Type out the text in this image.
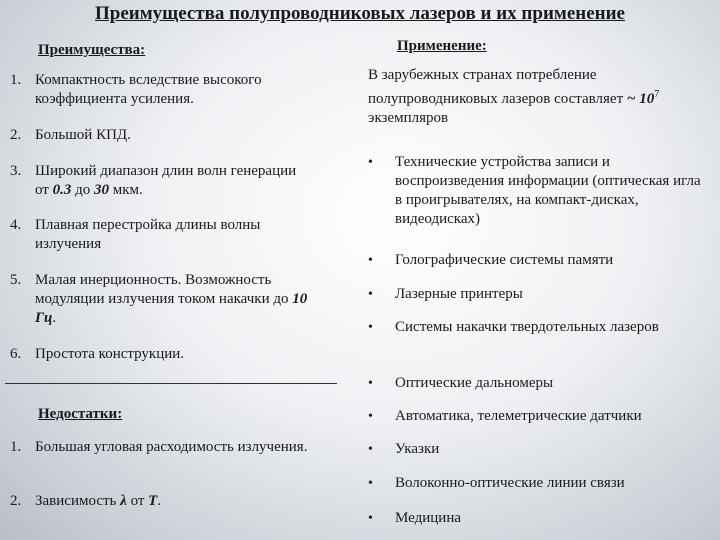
Преимущества полупроводниковых лазеров и их применение
Преимущества:
1. Компактность вследствие высокого коэффициента усиления.
2. Большой КПД.
3. Широкий диапазон длин волн генерации от 0.3 до 30 мкм.
4. Плавная перестройка длины волны излучения
5. Малая инерционность. Возможность модуляции излучения током накачки до 10 Гц.
6. Простота конструкции.
Недостатки:
1. Большая угловая расходимость излучения.
2. Зависимость λ от T.
Применение:
В зарубежных странах потребление полупроводниковых лазеров составляет ~ $10^7$ экземпляров
• Технические устройства записи и воспроизведения информации (оптическая игла в проигрывателях, на компакт-дисках, видеодисках)
• Голографические системы памяти
• Лазерные принтеры
• Системы накачки твердотельных лазеров
• Оптические дальномеры
• Автоматика, телеметрические датчики
• Указки
• Волоконно-оптические линии связи
• Медицина
